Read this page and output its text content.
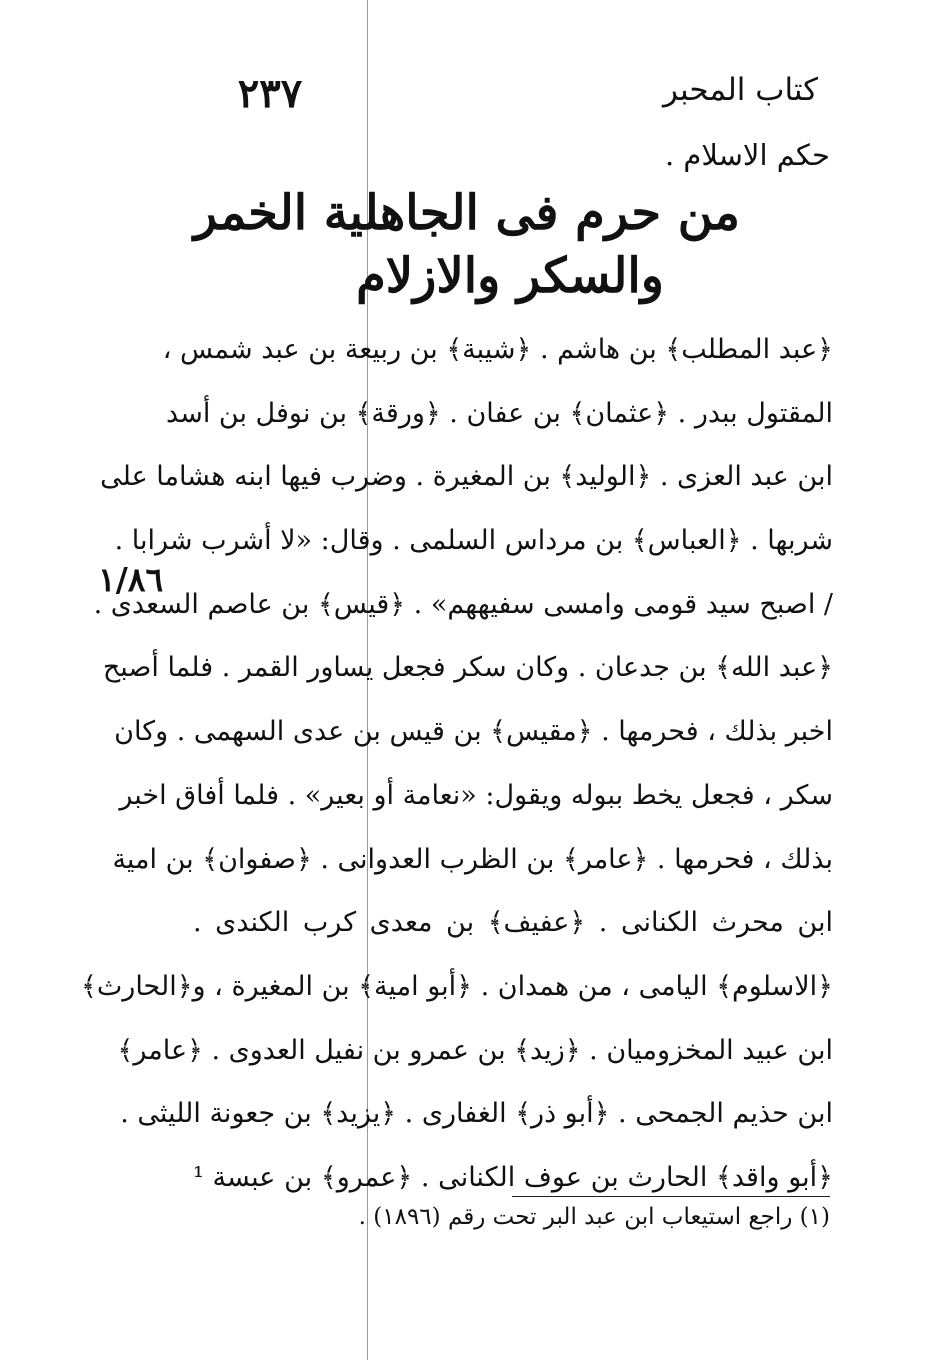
٢٣٧	كتاب المحبر
حكم الاسلام .
من حرم فى الجاهلية الخمر
والسكر والازلام
١/٨٦
﴿عبد المطلب﴾ بن هاشم . ﴿شيبة﴾ بن ربيعة بن عبد شمس ،
المقتول ببدر . ﴿عثمان﴾ بن عفان . ﴿ورقة﴾ بن نوفل بن أسد
ابن عبد العزى . ﴿الوليد﴾ بن المغيرة . وضرب فيها ابنه هشاما على
شربها . ﴿العباس﴾ بن مرداس السلمى . وقال: «لا أشرب شرابا .
/ اصبح سيد قومى وامسى سفيههم» . ﴿قيس﴾ بن عاصم السعدى .
﴿عبد الله﴾ بن جدعان . وكان سكر فجعل يساور القمر . فلما أصبح
اخبر بذلك ، فحرمها . ﴿مقيس﴾ بن قيس بن عدى السهمى . وكان
سكر ، فجعل يخط ببوله ويقول: «نعامة أو بعير» . فلما أفاق اخبر
بذلك ، فحرمها . ﴿عامر﴾ بن الظرب العدوانى . ﴿صفوان﴾ بن امية
ابن محرث الكنانى . ﴿عفيف﴾ بن معدى كرب الكندى .
﴿الاسلوم﴾ اليامى ، من همدان . ﴿أبو امية﴾ بن المغيرة ، و﴿الحارث﴾
ابن عبيد المخزوميان . ﴿زيد﴾ بن عمرو بن نفيل العدوى . ﴿عامر﴾
ابن حذيم الجمحى . ﴿أبو ذر﴾ الغفارى . ﴿يزيد﴾ بن جعونة الليثى .
﴿أبو واقد﴾ الحارث بن عوف الكنانى . ﴿عمرو﴾ بن عبسة ¹
(١) راجع استيعاب ابن عبد البر تحت رقم (١٨٩٦) .
